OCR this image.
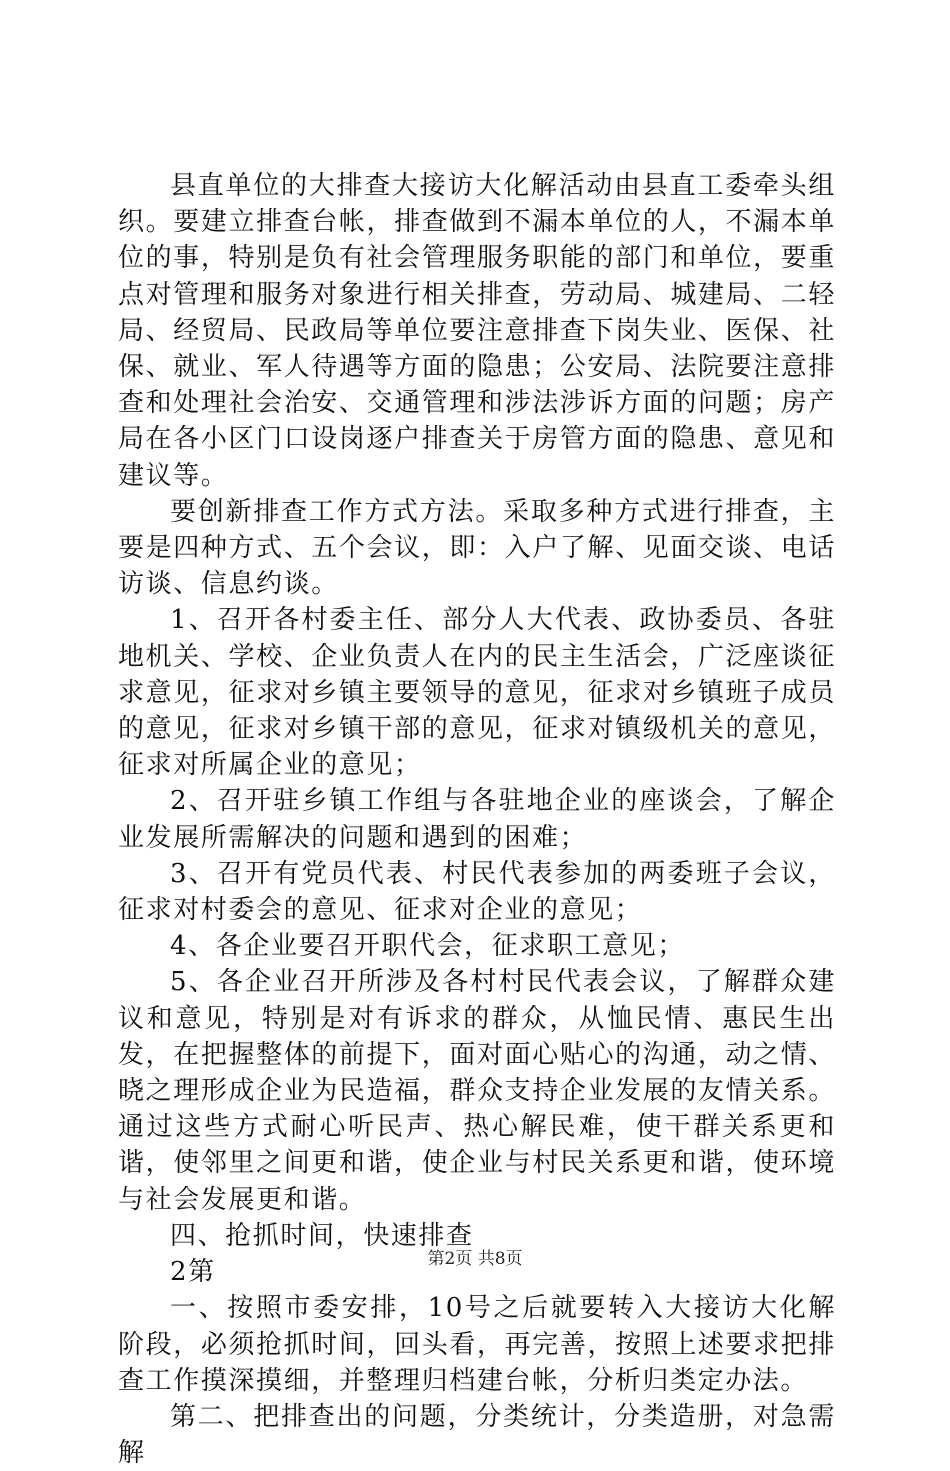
县直单位的大排查大接访大化解活动由县直工委牵头组织。要建立排查台帐，排查做到不漏本单位的人，不漏本单位的事，特别是负有社会管理服务职能的部门和单位，要重点对管理和服务对象进行相关排查，劳动局、城建局、二轻局、经贸局、民政局等单位要注意排查下岗失业、医保、社保、就业、军人待遇等方面的隐患；公安局、法院要注意排查和处理社会治安、交通管理和涉法涉诉方面的问题；房产局在各小区门口设岗逐户排查关于房管方面的隐患、意见和建议等。

要创新排查工作方式方法。采取多种方式进行排查，主要是四种方式、五个会议，即：入户了解、见面交谈、电话访谈、信息约谈。

1、召开各村委主任、部分人大代表、政协委员、各驻地机关、学校、企业负责人在内的民主生活会，广泛座谈征求意见，征求对乡镇主要领导的意见，征求对乡镇班子成员的意见，征求对乡镇干部的意见，征求对镇级机关的意见，征求对所属企业的意见；

2、召开驻乡镇工作组与各驻地企业的座谈会，了解企业发展所需解决的问题和遇到的困难；

3、召开有党员代表、村民代表参加的两委班子会议，征求对村委会的意见、征求对企业的意见；

4、各企业要召开职代会，征求职工意见；

5、各企业召开所涉及各村村民代表会议，了解群众建议和意见，特别是对有诉求的群众，从恤民情、惠民生出发，在把握整体的前提下，面对面心贴心的沟通，动之情、晓之理形成企业为民造福，群众支持企业发展的友情关系。通过这些方式耐心听民声、热心解民难，使干群关系更和谐，使邻里之间更和谐，使企业与村民关系更和谐，使环境与社会发展更和谐。

四、抢抓时间，快速排查

2第

一、按照市委安排，10号之后就要转入大接访大化解阶段，必须抢抓时间，回头看，再完善，按照上述要求把排查工作摸深摸细，并整理归档建台帐，分析归类定办法。

第二、把排查出的问题，分类统计，分类造册，对急需解

第2页 共8页
